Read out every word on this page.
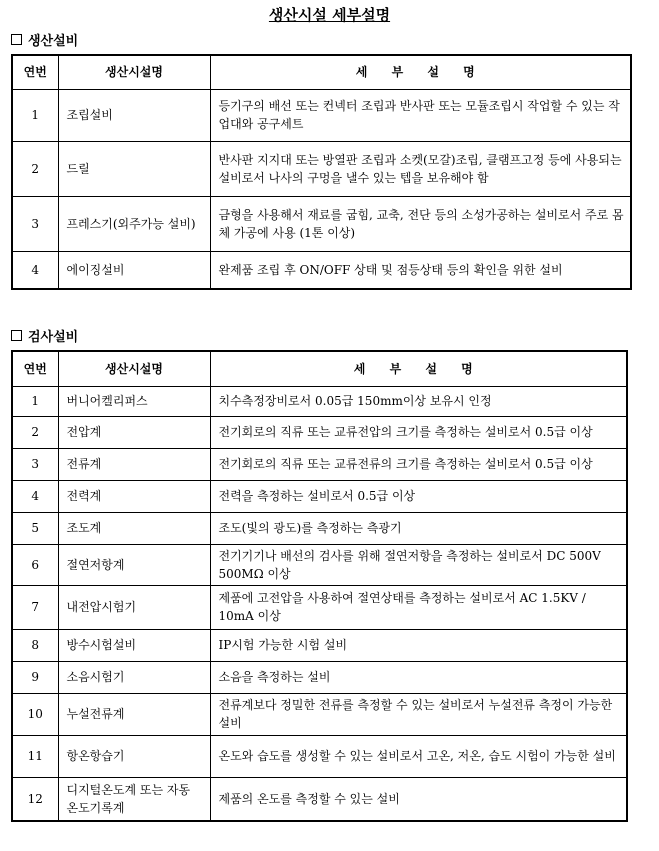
생산시설 세부설명
생산설비
연번	생산시설명	세 부 설 명
1	조립설비	등기구의 배선 또는 컨넥터 조립과 반사판 또는 모듈조립시 작업할 수 있는 작업대와 공구세트
2	드릴	반사판 지지대 또는 방열판 조립과 소켓(모갈)조립, 클램프고정 등에 사용되는 설비로서 나사의 구멍을 낼수 있는 텝을 보유해야 함
3	프레스기(외주가능 설비)	금형을 사용해서 재료를 굽힘, 교축, 전단 등의 소성가공하는 설비로서 주로 몸체 가공에 사용 (1톤 이상)
4	에이징설비	완제품 조립 후 ON/OFF 상태 및 점등상태 등의 확인을 위한 설비
검사설비
연번	생산시설명	세 부 설 명
1	버니어켈리퍼스	치수측정장비로서 0.05급 150mm이상 보유시 인정
2	전압계	전기회로의 직류 또는 교류전압의 크기를 측정하는 설비로서 0.5급 이상
3	전류계	전기회로의 직류 또는 교류전류의 크기를 측정하는 설비로서 0.5급 이상
4	전력계	전력을 측정하는 설비로서 0.5급 이상
5	조도계	조도(빛의 광도)를 측정하는 측광기
6	절연저항계	전기기기나 배선의 검사를 위해 절연저항을 측정하는 설비로서 DC 500V 500MΩ 이상
7	내전압시험기	제품에 고전압을 사용하여 절연상태를 측정하는 설비로서 AC 1.5KV / 10mA 이상
8	방수시험설비	IP시험 가능한 시험 설비
9	소음시험기	소음을 측정하는 설비
10	누설전류계	전류계보다 정밀한 전류를 측정할 수 있는 설비로서 누설전류 측정이 가능한 설비
11	항온항습기	온도와 습도를 생성할 수 있는 설비로서 고온, 저온, 습도 시험이 가능한 설비
12	디지털온도계 또는 자동 온도기록계	제품의 온도를 측정할 수 있는 설비
